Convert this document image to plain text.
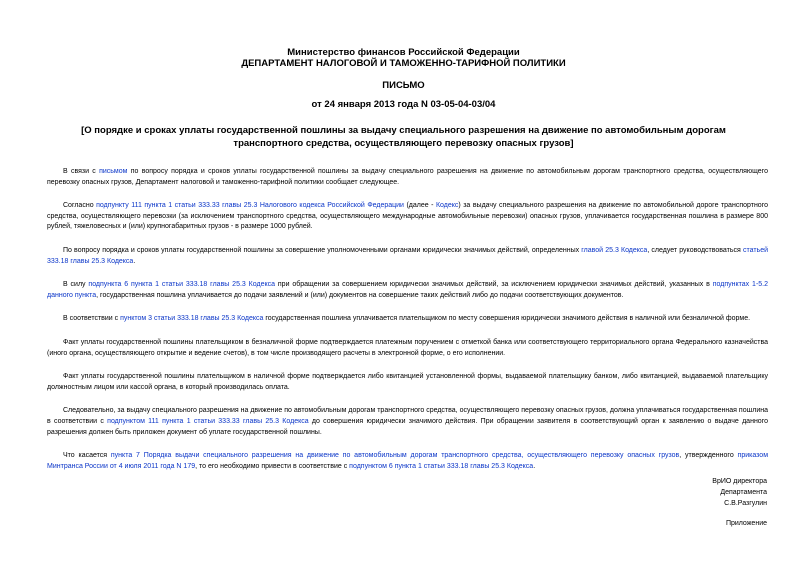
Министерство финансов Российской Федерации
ДЕПАРТАМЕНТ НАЛОГОВОЙ И ТАМОЖЕННО-ТАРИФНОЙ ПОЛИТИКИ
ПИСЬМО
от 24 января 2013 года N 03-05-04-03/04
[О порядке и сроках уплаты государственной пошлины за выдачу специального разрешения на движение по автомобильным дорогам транспортного средства, осуществляющего перевозку опасных грузов]

В связи с письмом по вопросу порядка и сроков уплаты государственной пошлины за выдачу специального разрешения на движение по автомобильным дорогам транспортного средства, осуществляющего перевозку опасных грузов, Департамент налоговой и таможенно-тарифной политики сообщает следующее.

Согласно подпункту 111 пункта 1 статьи 333.33 главы 25.3 Налогового кодекса Российской Федерации (далее - Кодекс) за выдачу специального разрешения на движение по автомобильной дороге транспортного средства, осуществляющего перевозки (за исключением транспортного средства, осуществляющего международные автомобильные перевозки) опасных грузов, уплачивается государственная пошлина в размере 800 рублей, тяжеловесных и (или) крупногабаритных грузов - в размере 1000 рублей.

По вопросу порядка и сроков уплаты государственной пошлины за совершение уполномоченными органами юридически значимых действий, определенных главой 25.3 Кодекса, следует руководствоваться статьей 333.18 главы 25.3 Кодекса.

В силу подпункта 6 пункта 1 статьи 333.18 главы 25.3 Кодекса при обращении за совершением юридически значимых действий, за исключением юридически значимых действий, указанных в подпунктах 1-5.2 данного пункта, государственная пошлина уплачивается до подачи заявлений и (или) документов на совершение таких действий либо до подачи соответствующих документов.

В соответствии с пунктом 3 статьи 333.18 главы 25.3 Кодекса государственная пошлина уплачивается плательщиком по месту совершения юридически значимого действия в наличной или безналичной форме.

Факт уплаты государственной пошлины плательщиком в безналичной форме подтверждается платежным поручением с отметкой банка или соответствующего территориального органа Федерального казначейства (иного органа, осуществляющего открытие и ведение счетов), в том числе производящего расчеты в электронной форме, о его исполнении.

Факт уплаты государственной пошлины плательщиком в наличной форме подтверждается либо квитанцией установленной формы, выдаваемой плательщику банком, либо квитанцией, выдаваемой плательщику должностным лицом или кассой органа, в который производилась оплата.

Следовательно, за выдачу специального разрешения на движение по автомобильным дорогам транспортного средства, осуществляющего перевозку опасных грузов, должна уплачиваться государственная пошлина в соответствии с подпунктом 111 пункта 1 статьи 333.33 главы 25.3 Кодекса до совершения юридически значимого действия. При обращении заявителя в соответствующий орган к заявлению о выдаче данного разрешения должен быть приложен документ об уплате государственной пошлины.

Что касается пункта 7 Порядка выдачи специального разрешения на движение по автомобильным дорогам транспортного средства, осуществляющего перевозку опасных грузов, утвержденного приказом Минтранса России от 4 июля 2011 года N 179, то его необходимо привести в соответствие с подпунктом 6 пункта 1 статьи 333.18 главы 25.3 Кодекса.

ВрИО директора
Департамента
С.В.Разгулин
Приложение
